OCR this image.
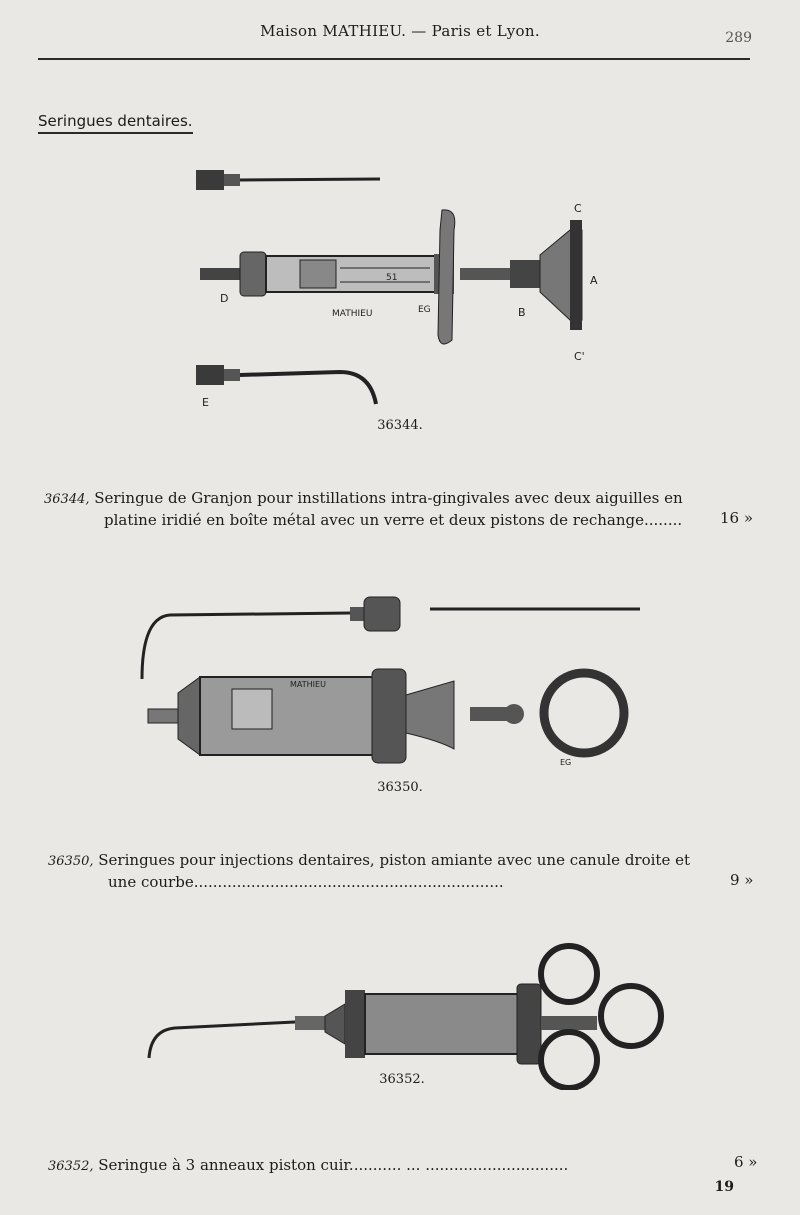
Maison MATHIEU. — Paris et Lyon.	289
Seringues dentaires.
C
A
B
C'
D
E
MATHIEU	EG
51
36344.
36344, Seringue de Granjon pour instillations intra-gingivales avec deux aiguilles en
platine iridié en boîte métal avec un verre et deux pistons de rechange........	16 »
MATHIEU
EG
36350.
36350, Seringues pour injections dentaires, piston amiante avec une canule droite et
une courbe.................................................................	9 »
36352.
36352, Seringue à 3 anneaux piston cuir........... ... ..............................	6 »
19
